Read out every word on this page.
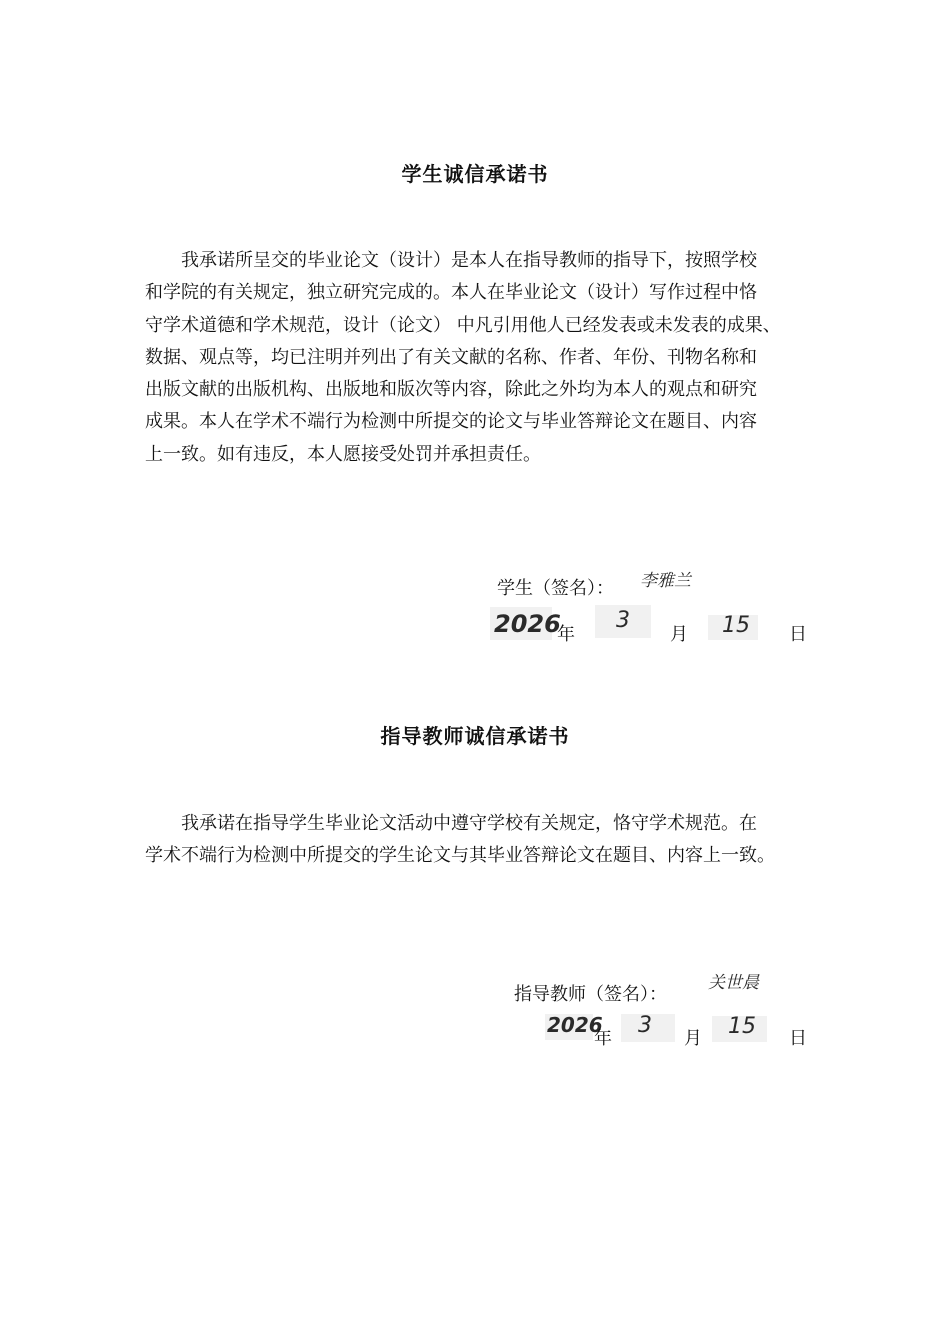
学生诚信承诺书
我承诺所呈交的毕业论文（设计）是本人在指导教师的指导下，按照学校
和学院的有关规定，独立研究完成的。本人在毕业论文（设计）写作过程中恪
守学术道德和学术规范，设计（论文） 中凡引用他人已经发表或未发表的成果、
数据、观点等，均已注明并列出了有关文献的名称、作者、年份、刊物名称和
出版文献的出版机构、出版地和版次等内容，除此之外均为本人的观点和研究
成果。本人在学术不端行为检测中所提交的论文与毕业答辩论文在题目、内容
上一致。如有违反，本人愿接受处罚并承担责任。
学生（签名）： 李雅兰
2026
年
3
月 15 日
指导教师诚信承诺书
我承诺在指导学生毕业论文活动中遵守学校有关规定，恪守学术规范。在
学术不端行为检测中所提交的学生论文与其毕业答辩论文在题目、内容上一致。
指导教师（签名）：
关世晨
2026
年
3
月 15 日
